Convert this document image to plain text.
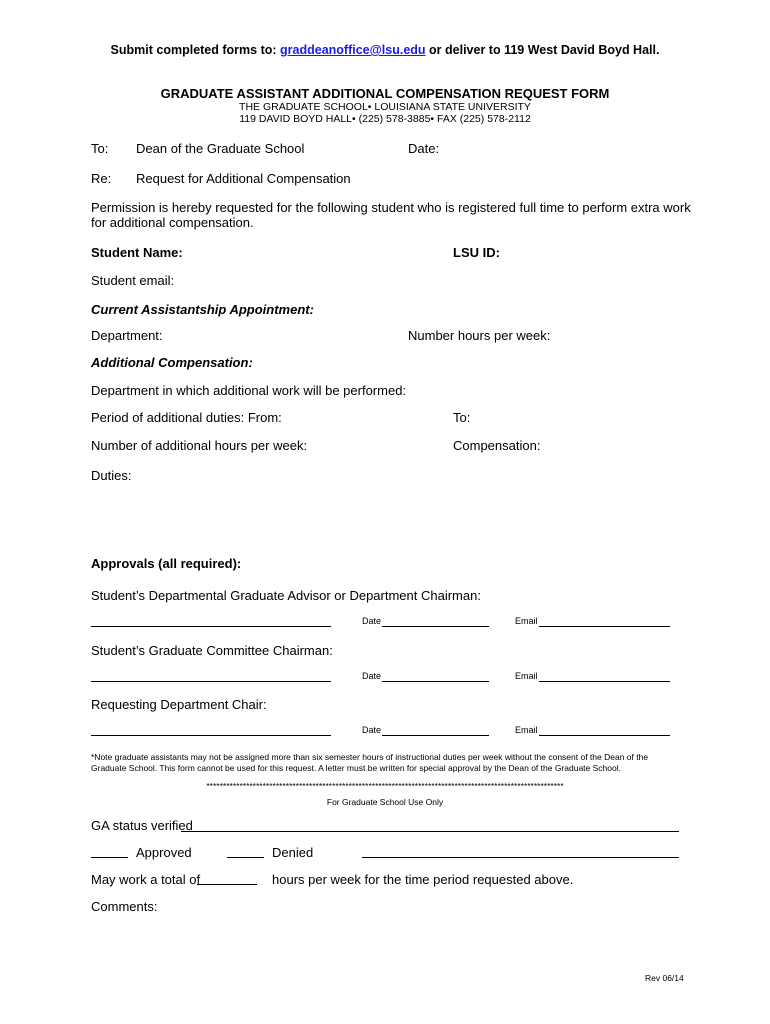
Submit completed forms to: graddeanoffice@lsu.edu or deliver to 119 West David Boyd Hall.
GRADUATE ASSISTANT ADDITIONAL COMPENSATION REQUEST FORM
THE GRADUATE SCHOOL• LOUISIANA STATE UNIVERSITY
119 DAVID BOYD HALL• (225) 578-3885• FAX (225) 578-2112
To: Dean of the Graduate School	Date:
Re: Request for Additional Compensation
Permission is hereby requested for the following student who is registered full time to perform extra work
for additional compensation.
Student Name:	LSU ID:
Student email:
Current Assistantship Appointment:
Department:	Number hours per week:
Additional Compensation:
Department in which additional work will be performed:
Period of additional duties: From:	To:
Number of additional hours per week:	Compensation:
Duties:
Approvals (all required):
Student’s Departmental Graduate Advisor or Department Chairman:
Date	Email
Student’s Graduate Committee Chairman:
Date	Email
Requesting Department Chair:
Date	Email
*Note graduate assistants may not be assigned more than six semester hours of instructional duties per week without the consent of the Dean of the
Graduate School. This form cannot be used for this request. A letter must be written for special approval by the Dean of the Graduate School.
************************************************************************************************************
For Graduate School Use Only
GA status verified
Approved	Denied
May work a total of	hours per week for the time period requested above.
Comments:
Rev 06/14
